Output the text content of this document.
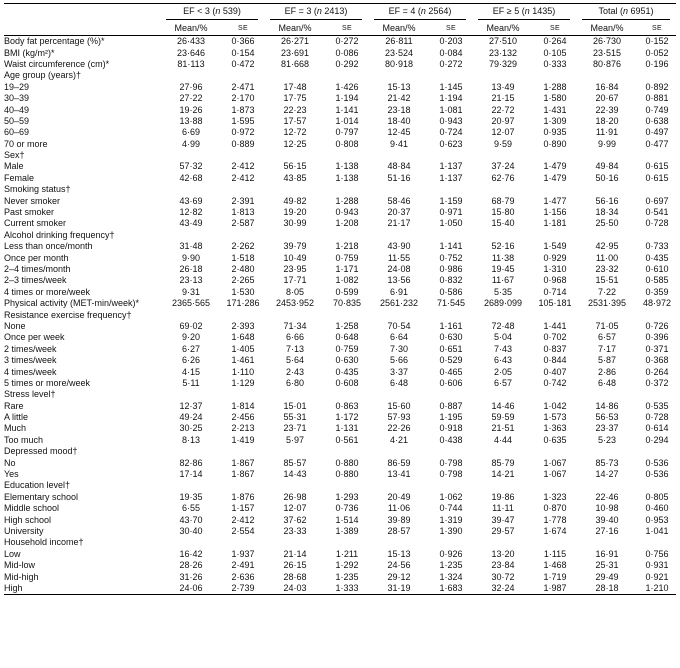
	EF < 3 (n 539)		EF = 3 (n 2413)		EF = 4 (n 2564)		EF ≥ 5 (n 1435)		Total (n 6951)	

	Mean/%	SE	Mean/%	SE	Mean/%	SE	Mean/%	SE	Mean/%	SE
Body fat percentage (%)*	26·433	0·366	26·271	0·272	26·811	0·203	27·510	0·264	26·730	0·152
BMI (kg/m²)*	23·646	0·154	23·691	0·086	23·524	0·084	23·132	0·105	23·515	0·052
Waist circumference (cm)*	81·113	0·472	81·668	0·292	80·918	0·272	79·329	0·333	80·876	0·196
Age group (years)†										
19–29	27·96	2·471	17·48	1·426	15·13	1·145	13·49	1·288	16·84	0·892
30–39	27·22	2·170	17·75	1·194	21·42	1·194	21·15	1·580	20·67	0·881
40–49	19·26	1·873	22·23	1·141	23·18	1·081	22·72	1·431	22·39	0·749
50–59	13·88	1·595	17·57	1·014	18·40	0·943	20·97	1·309	18·20	0·638
60–69	6·69	0·972	12·72	0·797	12·45	0·724	12·07	0·935	11·91	0·497
70 or more	4·99	0·889	12·25	0·808	9·41	0·623	9·59	0·890	9·99	0·477
Sex†										
Male	57·32	2·412	56·15	1·138	48·84	1·137	37·24	1·479	49·84	0·615
Female	42·68	2·412	43·85	1·138	51·16	1·137	62·76	1·479	50·16	0·615
Smoking status†										
Never smoker	43·69	2·391	49·82	1·288	58·46	1·159	68·79	1·477	56·16	0·697
Past smoker	12·82	1·813	19·20	0·943	20·37	0·971	15·80	1·156	18·34	0·541
Current smoker	43·49	2·587	30·99	1·208	21·17	1·050	15·40	1·181	25·50	0·728
Alcohol drinking frequency†										
Less than once/month	31·48	2·262	39·79	1·218	43·90	1·141	52·16	1·549	42·95	0·733
Once per month	9·90	1·518	10·49	0·759	11·55	0·752	11·38	0·929	11·00	0·435
2–4 times/month	26·18	2·480	23·95	1·171	24·08	0·986	19·45	1·310	23·32	0·610
2–3 times/week	23·13	2·265	17·71	1·082	13·56	0·832	11·67	0·968	15·51	0·585
4 times or more/week	9·31	1·530	8·05	0·599	6·91	0·586	5·35	0·714	7·22	0·359
Physical activity (MET-min/week)*	2365·565	171·286	2453·952	70·835	2561·232	71·545	2689·099	105·181	2531·395	48·972
Resistance exercise frequency†										
None	69·02	2·393	71·34	1·258	70·54	1·161	72·48	1·441	71·05	0·726
Once per week	9·20	1·648	6·66	0·648	6·64	0·630	5·04	0·702	6·57	0·396
2 times/week	6·27	1·405	7·13	0·759	7·30	0·651	7·43	0·837	7·17	0·371
3 times/week	6·26	1·461	5·64	0·630	5·66	0·529	6·43	0·844	5·87	0·368
4 times/week	4·15	1·110	2·43	0·435	3·37	0·465	2·05	0·407	2·86	0·264
5 times or more/week	5·11	1·129	6·80	0·608	6·48	0·606	6·57	0·742	6·48	0·372
Stress level†										
Rare	12·37	1·814	15·01	0·863	15·60	0·887	14·46	1·042	14·86	0·535
A little	49·24	2·456	55·31	1·172	57·93	1·195	59·59	1·573	56·53	0·728
Much	30·25	2·213	23·71	1·131	22·26	0·918	21·51	1·363	23·37	0·614
Too much	8·13	1·419	5·97	0·561	4·21	0·438	4·44	0·635	5·23	0·294
Depressed mood†										
No	82·86	1·867	85·57	0·880	86·59	0·798	85·79	1·067	85·73	0·536
Yes	17·14	1·867	14·43	0·880	13·41	0·798	14·21	1·067	14·27	0·536
Education level†										
Elementary school	19·35	1·876	26·98	1·293	20·49	1·062	19·86	1·323	22·46	0·805
Middle school	6·55	1·157	12·07	0·736	11·06	0·744	11·11	0·870	10·98	0·460
High school	43·70	2·412	37·62	1·514	39·89	1·319	39·47	1·778	39·40	0·953
University	30·40	2·554	23·33	1·389	28·57	1·390	29·57	1·674	27·16	1·041
Household income†										
Low	16·42	1·937	21·14	1·211	15·13	0·926	13·20	1·115	16·91	0·756
Mid-low	28·26	2·491	26·15	1·292	24·56	1·235	23·84	1·468	25·31	0·931
Mid-high	31·26	2·636	28·68	1·235	29·12	1·324	30·72	1·719	29·49	0·921
High	24·06	2·739	24·03	1·333	31·19	1·683	32·24	1·987	28·18	1·210
